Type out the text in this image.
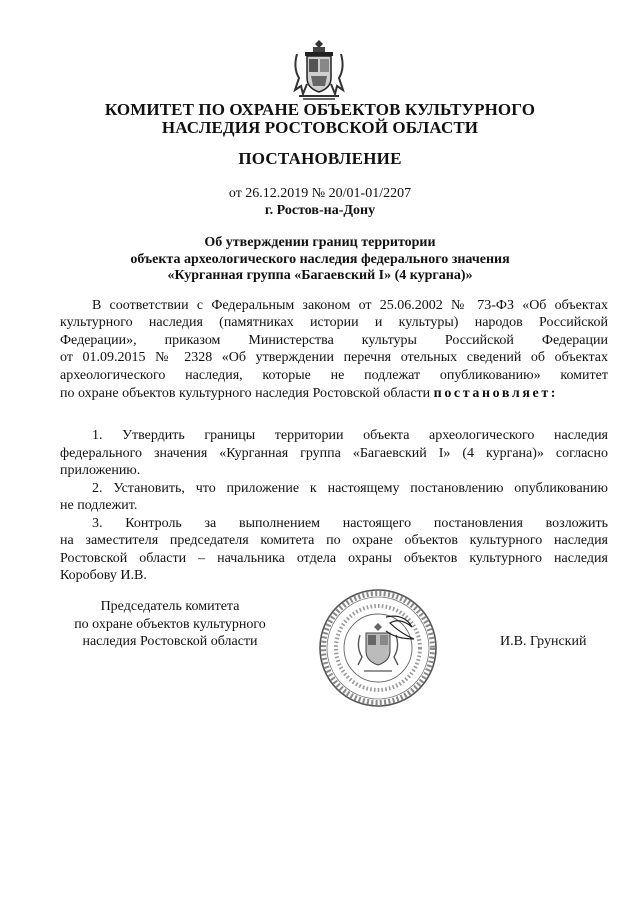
КОМИТЕТ ПО ОХРАНЕ ОБЪЕКТОВ КУЛЬТУРНОГО
НАСЛЕДИЯ РОСТОВСКОЙ ОБЛАСТИ
ПОСТАНОВЛЕНИЕ
от 26.12.2019 № 20/01-01/2207
г. Ростов-на-Дону
Об утверждении границ территории
объекта археологического наследия федерального значения
«Курганная группа «Багаевский I» (4 кургана)»
В соответствии с Федеральным законом от 25.06.2002 № 73-ФЗ «Об объектах
культурного наследия (памятниках истории и культуры) народов Российской
Федерации», приказом Министерства культуры Российской Федерации
от 01.09.2015 № 2328 «Об утверждении перечня отельных сведений об объектах
археологического наследия, которые не подлежат опубликованию» комитет
по охране объектов культурного наследия Ростовской области постановляет:
1. Утвердить границы территории объекта археологического наследия
федерального значения «Курганная группа «Багаевский I» (4 кургана)» согласно
приложению.
2. Установить, что приложение к настоящему постановлению опубликованию
не подлежит.
3. Контроль за выполнением настоящего постановления возложить
на заместителя председателя комитета по охране объектов культурного наследия
Ростовской области – начальника отдела охраны объектов культурного наследия
Коробову И.В.
Председатель комитета
по охране объектов культурного
наследия Ростовской области	И.В. Грунский
